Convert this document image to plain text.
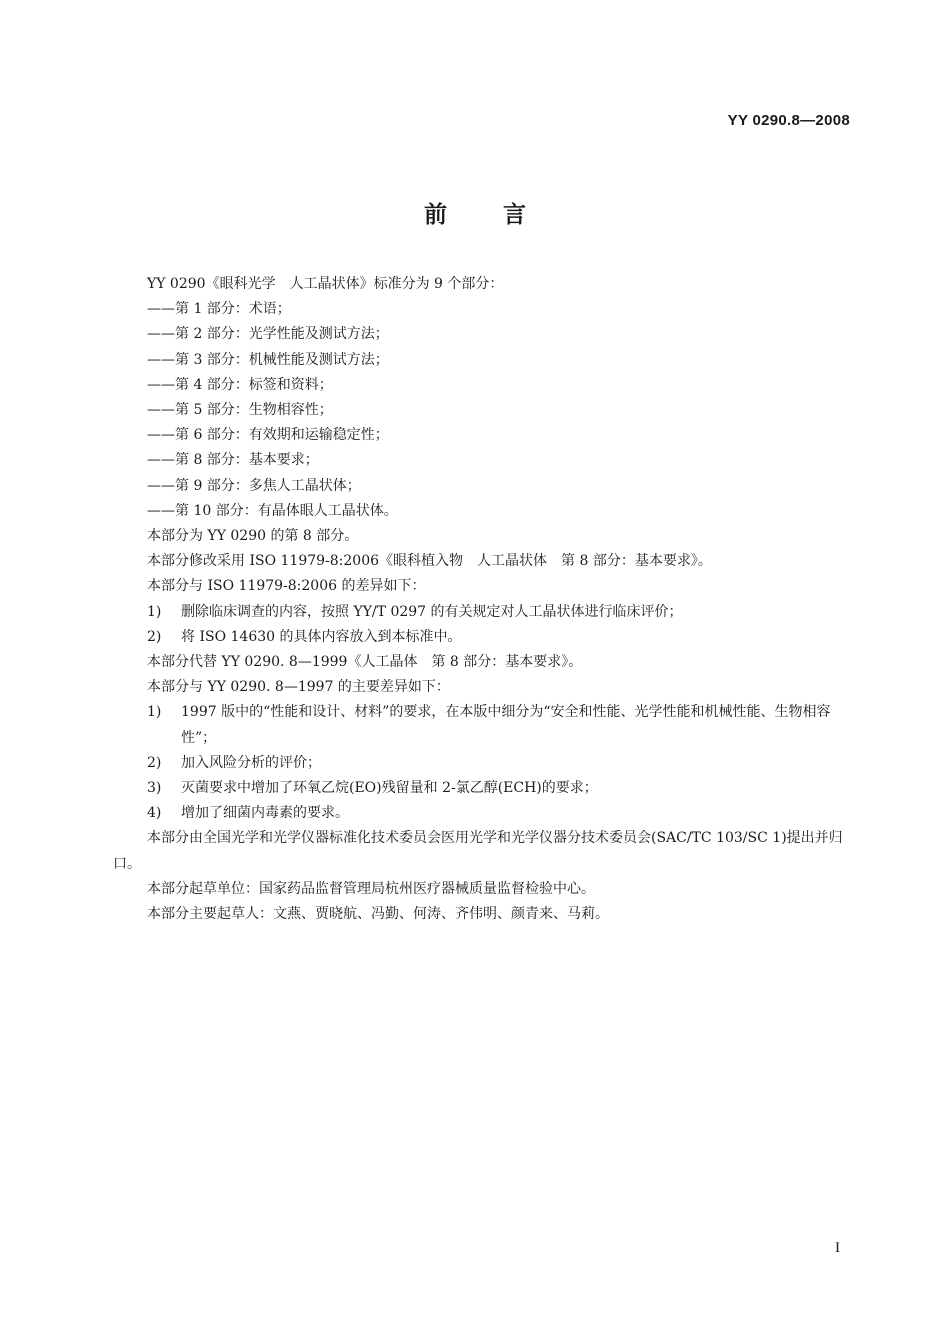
YY 0290.8—2008
前言

YY 0290《眼科光学　人工晶状体》标准分为 9 个部分：

——第 1 部分：术语；

——第 2 部分：光学性能及测试方法；

——第 3 部分：机械性能及测试方法；

——第 4 部分：标签和资料；

——第 5 部分：生物相容性；

——第 6 部分：有效期和运输稳定性；

——第 8 部分：基本要求；

——第 9 部分：多焦人工晶状体；

——第 10 部分：有晶体眼人工晶状体。

本部分为 YY 0290 的第 8 部分。

本部分修改采用 ISO 11979-8:2006《眼科植入物　人工晶状体　第 8 部分：基本要求》。

本部分与 ISO 11979-8:2006 的差异如下：

1)	删除临床调查的内容，按照 YY/T 0297 的有关规定对人工晶状体进行临床评价；
2)	将 ISO 14630 的具体内容放入到本标准中。

本部分代替 YY 0290. 8—1999《人工晶体　第 8 部分：基本要求》。

本部分与 YY 0290. 8—1997 的主要差异如下：

1)	1997 版中的“性能和设计、材料”的要求，在本版中细分为“安全和性能、光学性能和机械性能、生物相容性”；
2)	加入风险分析的评价；
3)	灭菌要求中增加了环氧乙烷(EO)残留量和 2-氯乙醇(ECH)的要求；
4)	增加了细菌内毒素的要求。

本部分由全国光学和光学仪器标准化技术委员会医用光学和光学仪器分技术委员会(SAC/TC 103/SC 1)提出并归口。

本部分起草单位：国家药品监督管理局杭州医疗器械质量监督检验中心。

本部分主要起草人：文燕、贾晓航、冯勤、何涛、齐伟明、颜青来、马莉。

I
